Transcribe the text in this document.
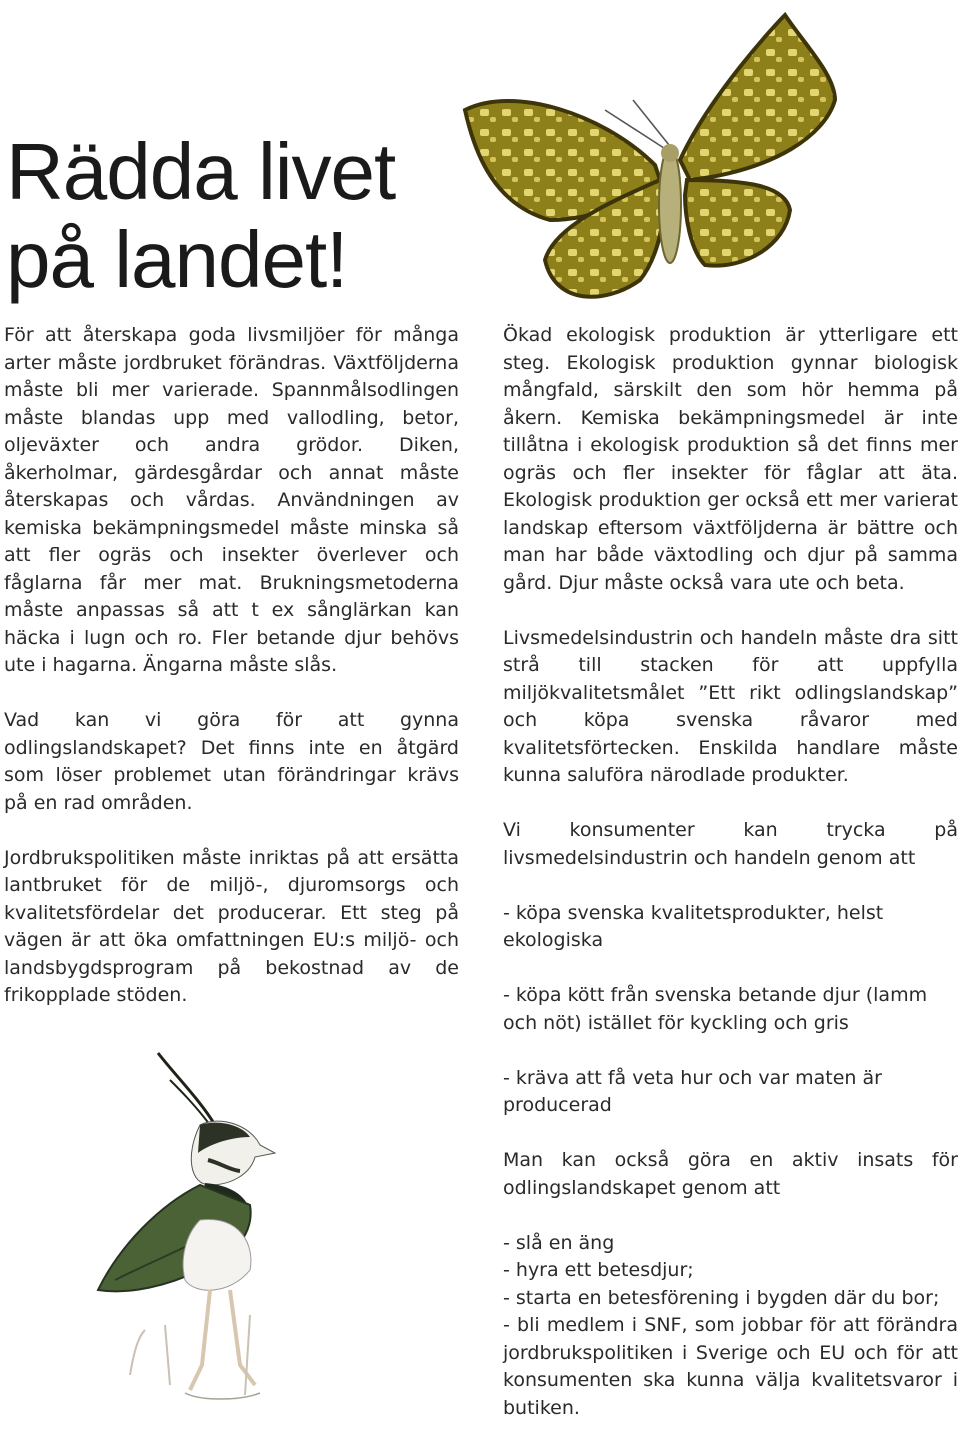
Rädda livet
på landet!

För att återskapa goda livsmiljöer för många arter måste jordbruket förändras. Växtföljderna måste bli mer varierade. Spannmålsodlingen måste blandas upp med vallodling, betor, oljeväxter och andra grödor. Diken, åkerholmar, gärdesgårdar och annat måste återskapas och vårdas. Användningen av kemiska bekämpningsmedel måste minska så att fler ogräs och insekter överlever och fåglarna får mer mat. Brukningsmetoderna måste anpassas så att t ex sånglärkan kan häcka i lugn och ro. Fler betande djur behövs ute i hagarna. Ängarna måste slås.

Vad kan vi göra för att gynna odlingslandskapet? Det finns inte en åtgärd som löser problemet utan förändringar krävs på en rad områden.

Jordbrukspolitiken måste inriktas på att ersätta lantbruket för de miljö-, djuromsorgs och kvalitetsfördelar det producerar. Ett steg på vägen är att öka omfattningen EU:s miljö- och landsbygdsprogram på bekostnad av de frikopplade stöden.

Ökad ekologisk produktion är ytterligare ett steg. Ekologisk produktion gynnar biologisk mångfald, särskilt den som hör hemma på åkern. Kemiska bekämpningsmedel är inte tillåtna i ekologisk produktion så det finns mer ogräs och fler insekter för fåglar att äta. Ekologisk produktion ger också ett mer varierat landskap eftersom växtföljderna är bättre och man har både växtodling och djur på samma gård. Djur måste också vara ute och beta.

Livsmedelsindustrin och handeln måste dra sitt strå till stacken för att uppfylla miljökvalitetsmålet ”Ett rikt odlingslandskap” och köpa svenska råvaror med kvalitetsförtecken. Enskilda handlare måste kunna saluföra närodlade produkter.

Vi konsumenter kan trycka på livsmedelsindustrin och handeln genom att

- köpa svenska kvalitetsprodukter, helst ekologiska

- köpa kött från svenska betande djur (lamm och nöt) istället för kyckling och gris

- kräva att få veta hur och var maten är producerad

Man kan också göra en aktiv insats för odlingslandskapet genom att

- slå en äng

- hyra ett betesdjur;

- starta en betesförening i bygden där du bor;

- bli medlem i SNF, som jobbar för att förändra jordbrukspolitiken i Sverige och EU och för att konsumenten ska kunna välja kvalitetsvaror i butiken.
